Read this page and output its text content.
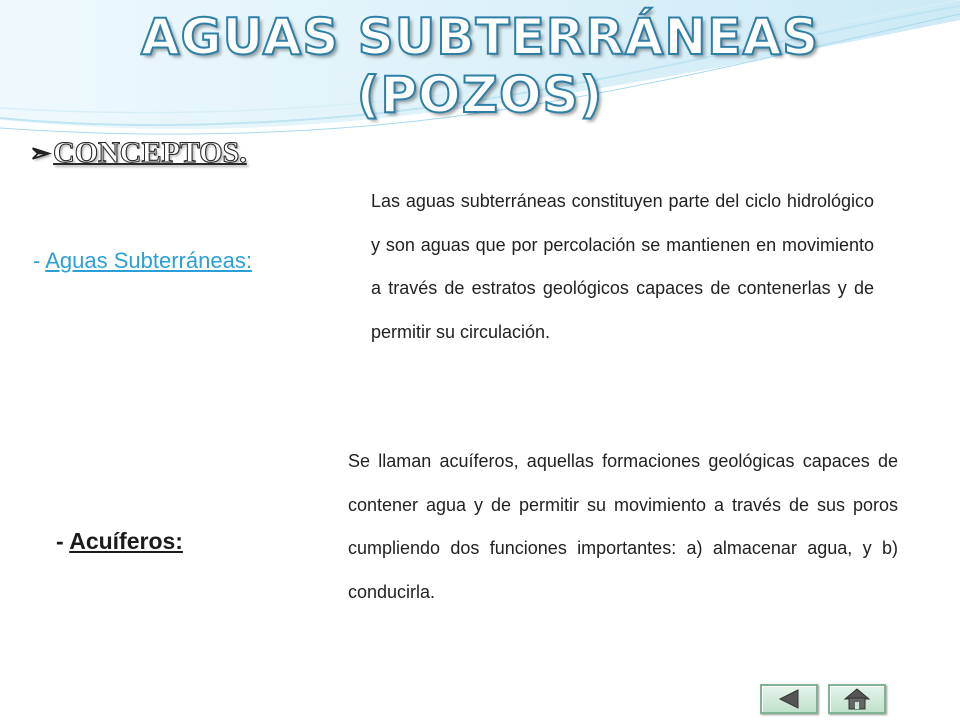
AGUAS SUBTERRÁNEAS
(POZOS)
➢ CONCEPTOS.
- Aguas Subterráneas:
Las aguas subterráneas constituyen parte del ciclo hidrológico y son aguas que por percolación se mantienen en movimiento a través de estratos geológicos capaces de contenerlas y de permitir su circulación.
- Acuíferos:
Se llaman acuíferos, aquellas formaciones geológicas capaces de contener agua y de permitir su movimiento a través de sus poros cumpliendo dos funciones importantes: a) almacenar agua, y b) conducirla.
